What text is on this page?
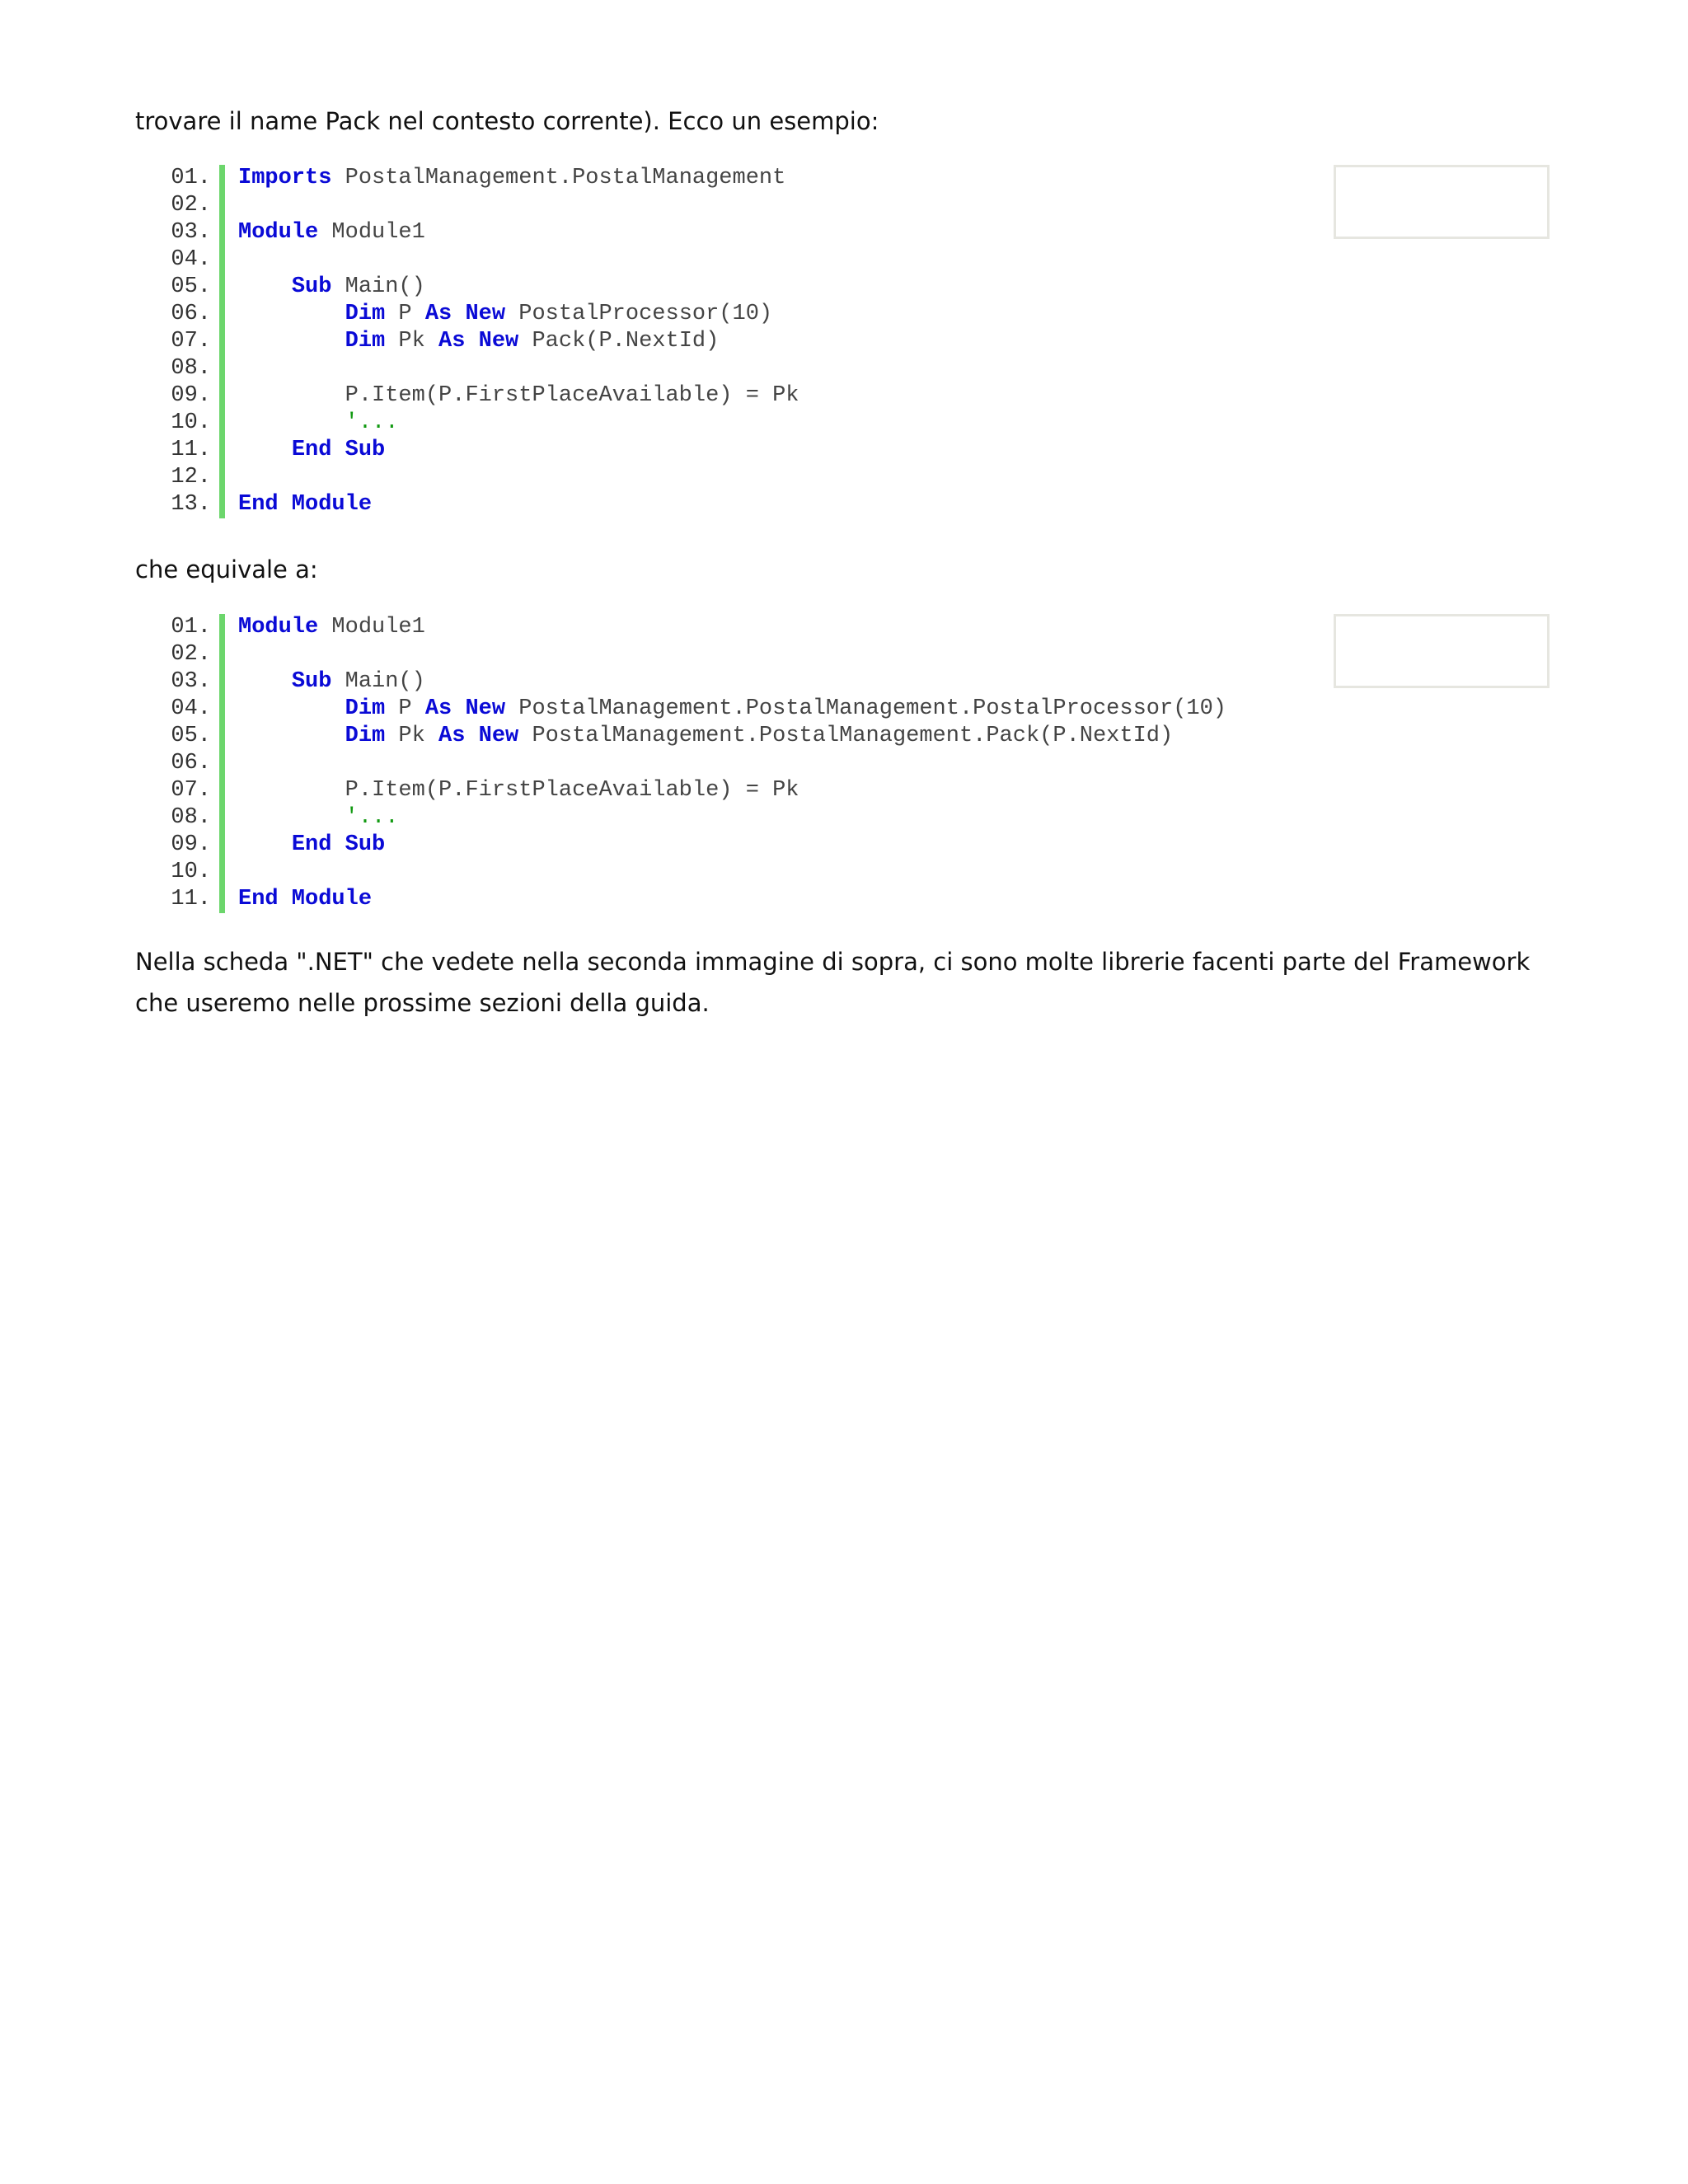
trovare il name Pack nel contesto corrente). Ecco un esempio:

01.	Imports PostalManagement.PostalManagement
02.

03.	Module Module1
04.

05.	Sub Main()
06.	Dim P As New PostalProcessor(10)
07.	Dim Pk As New Pack(P.NextId)
08.

09.	P.Item(P.FirstPlaceAvailable) = Pk
10.	'...
11.	End Sub
12.

13.	End Module

che equivale a:

01.	Module Module1
02.

03.	Sub Main()
04.	Dim P As New PostalManagement.PostalManagement.PostalProcessor(10)
05.	Dim Pk As New PostalManagement.PostalManagement.Pack(P.NextId)
06.

07.	P.Item(P.FirstPlaceAvailable) = Pk
08.	'...
09.	End Sub
10.

11.	End Module

Nella scheda ".NET" che vedete nella seconda immagine di sopra, ci sono molte librerie facenti parte del Framework che useremo nelle prossime sezioni della guida.
